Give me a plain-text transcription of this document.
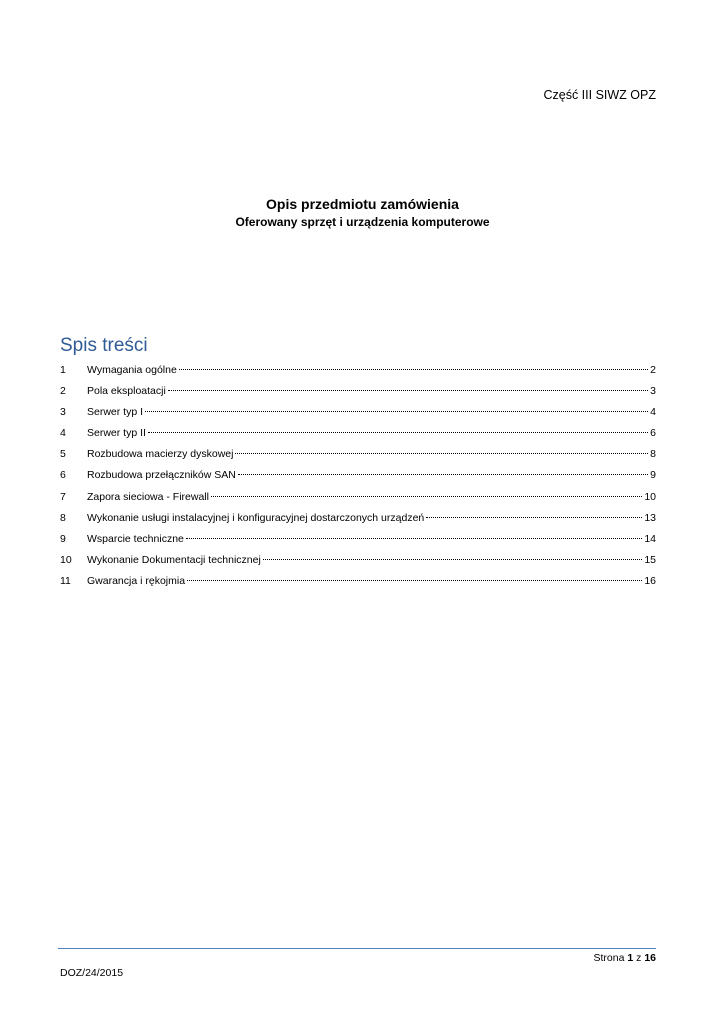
Część III SIWZ OPZ
Opis przedmiotu zamówienia
Oferowany sprzęt i urządzenia komputerowe
Spis treści
1	Wymagania ogólne	2
2	Pola eksploatacji	3
3	Serwer typ I	4
4	Serwer typ II	6
5	Rozbudowa macierzy dyskowej	8
6	Rozbudowa przełączników SAN	9
7	Zapora sieciowa - Firewall	10
8	Wykonanie usługi instalacyjnej i konfiguracyjnej dostarczonych urządzeń	13
9	Wsparcie techniczne	14
10	Wykonanie Dokumentacji technicznej	15
11	Gwarancja i rękojmia	16
Strona 1 z 16
DOZ/24/2015
